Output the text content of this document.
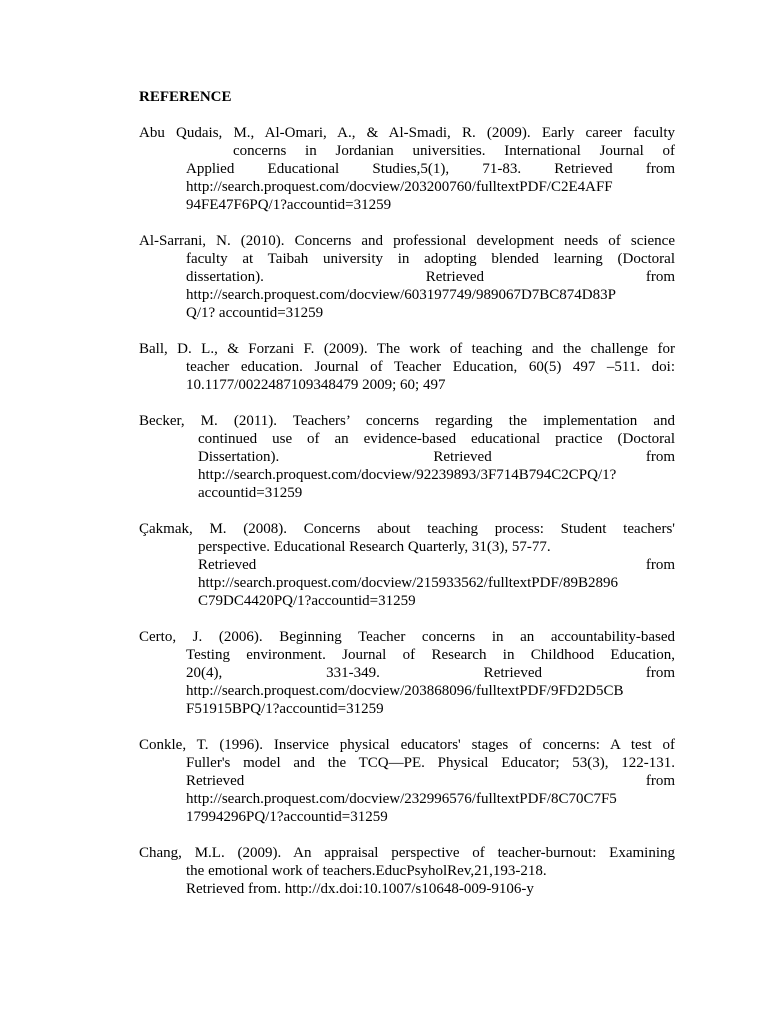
REFERENCE
Abu Qudais, M., Al-Omari, A., & Al-Smadi, R. (2009). Early career faculty
concerns in Jordanian universities. International Journal of
Applied Educational Studies,5(1), 71-83. Retrieved from
http://search.proquest.com/docview/203200760/fulltextPDF/C2E4AFF
94FE47F6PQ/1?accountid=31259
Al-Sarrani, N. (2010). Concerns and professional development needs of science
faculty at Taibah university in adopting blended learning (Doctoral
dissertation). Retrieved from
http://search.proquest.com/docview/603197749/989067D7BC874D83P
Q/1? accountid=31259
Ball, D. L., & Forzani F. (2009). The work of teaching and the challenge for
teacher education. Journal of Teacher Education, 60(5) 497 –511. doi:
10.1177/0022487109348479 2009; 60; 497
Becker, M. (2011). Teachers’ concerns regarding the implementation and
continued use of an evidence-based educational practice (Doctoral
Dissertation). Retrieved from
http://search.proquest.com/docview/92239893/3F714B794C2CPQ/1?
accountid=31259
Çakmak, M. (2008). Concerns about teaching process: Student teachers'
perspective. Educational Research Quarterly, 31(3), 57-77.
Retrieved from
http://search.proquest.com/docview/215933562/fulltextPDF/89B2896
C79DC4420PQ/1?accountid=31259
Certo, J. (2006). Beginning Teacher concerns in an accountability-based
Testing environment. Journal of Research in Childhood Education,
20(4), 331-349. Retrieved from
http://search.proquest.com/docview/203868096/fulltextPDF/9FD2D5CB
F51915BPQ/1?accountid=31259
Conkle, T. (1996). Inservice physical educators' stages of concerns: A test of
Fuller's model and the TCQ—PE. Physical Educator; 53(3), 122-131.
Retrieved from
http://search.proquest.com/docview/232996576/fulltextPDF/8C70C7F5
17994296PQ/1?accountid=31259
Chang, M.L. (2009). An appraisal perspective of teacher-burnout: Examining
the emotional work of teachers.EducPsyholRev,21,193-218.
Retrieved from. http://dx.doi:10.1007/s10648-009-9106-y
